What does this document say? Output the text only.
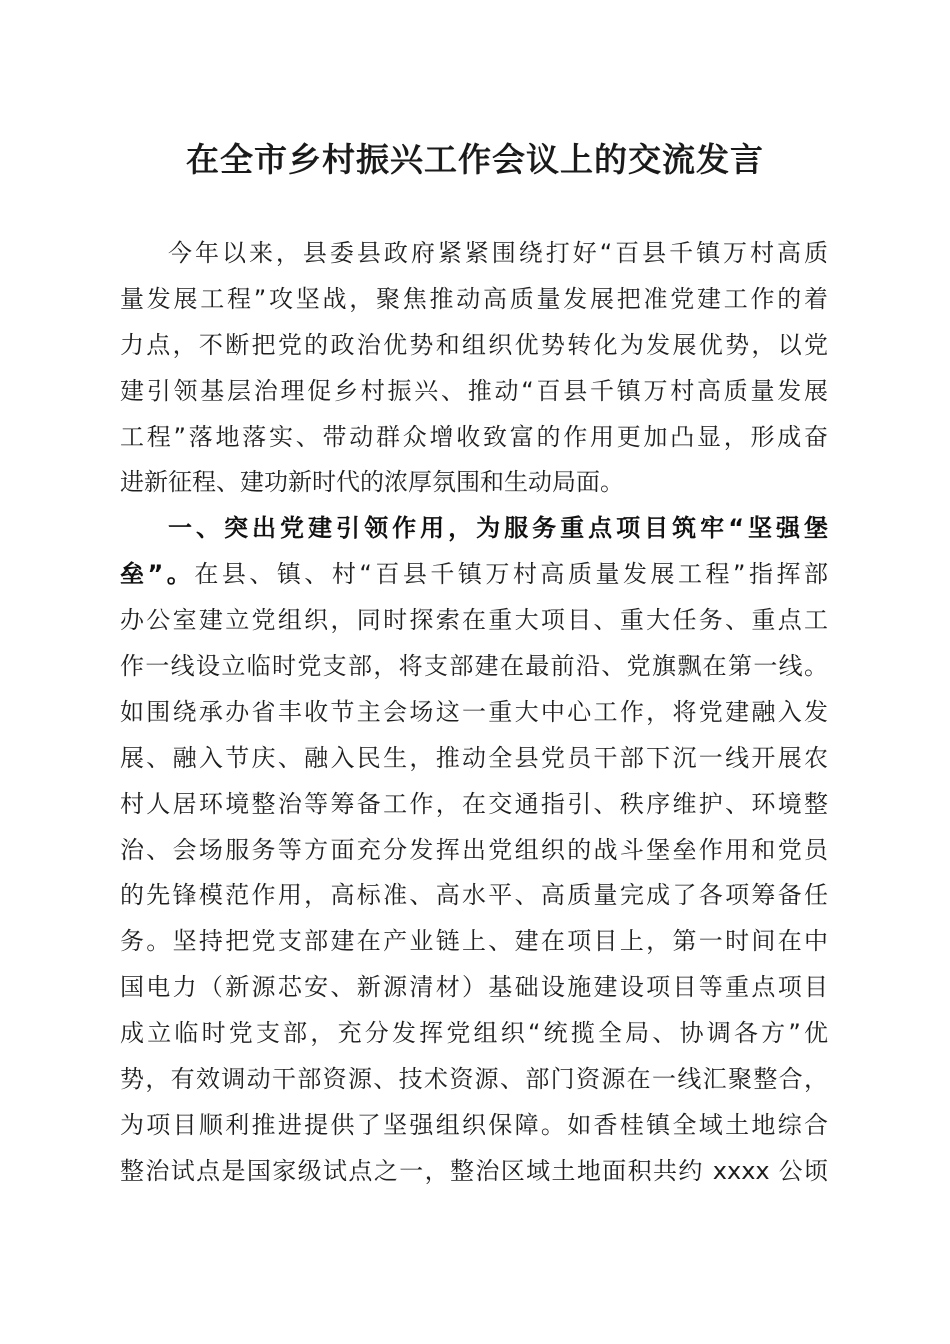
在全市乡村振兴工作会议上的交流发言
今年以来，县委县政府紧紧围绕打好“百县千镇万村高质
量发展工程”攻坚战，聚焦推动高质量发展把准党建工作的着
力点，不断把党的政治优势和组织优势转化为发展优势，以党
建引领基层治理促乡村振兴、推动“百县千镇万村高质量发展
工程”落地落实、带动群众增收致富的作用更加凸显，形成奋
进新征程、建功新时代的浓厚氛围和生动局面。
一、突出党建引领作用，为服务重点项目筑牢“坚强堡
垒”。在县、镇、村“百县千镇万村高质量发展工程”指挥部
办公室建立党组织，同时探索在重大项目、重大任务、重点工
作一线设立临时党支部，将支部建在最前沿、党旗飘在第一线。
如围绕承办省丰收节主会场这一重大中心工作，将党建融入发
展、融入节庆、融入民生，推动全县党员干部下沉一线开展农
村人居环境整治等筹备工作，在交通指引、秩序维护、环境整
治、会场服务等方面充分发挥出党组织的战斗堡垒作用和党员
的先锋模范作用，高标准、高水平、高质量完成了各项筹备任
务。坚持把党支部建在产业链上、建在项目上，第一时间在中
国电力（新源芯安、新源清材）基础设施建设项目等重点项目
成立临时党支部，充分发挥党组织“统揽全局、协调各方”优
势，有效调动干部资源、技术资源、部门资源在一线汇聚整合，
为项目顺利推进提供了坚强组织保障。如香桂镇全域土地综合
整治试点是国家级试点之一，整治区域土地面积共约 xxxx 公顷
